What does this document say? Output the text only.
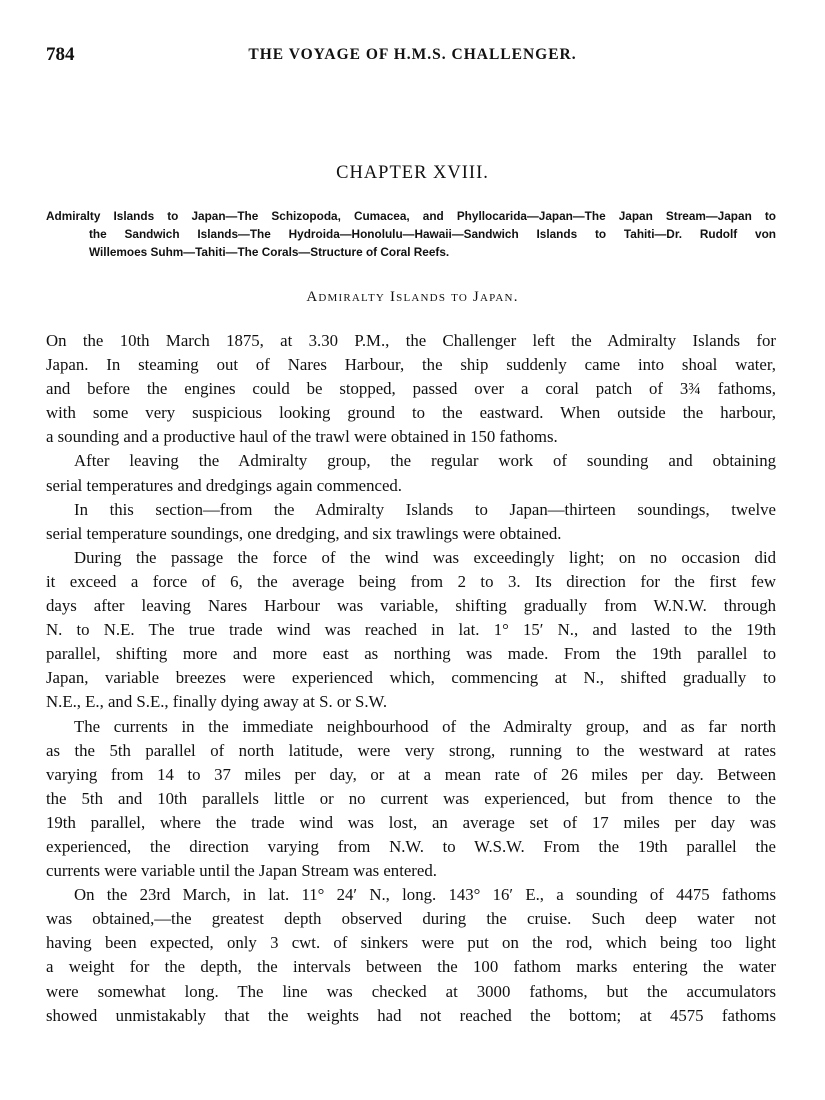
784	THE VOYAGE OF H.M.S. CHALLENGER.
CHAPTER XVIII.
Admiralty Islands to Japan—The Schizopoda, Cumacea, and Phyllocarida—Japan—The Japan Stream—Japan to
the Sandwich Islands—The Hydroida—Honolulu—Hawaii—Sandwich Islands to Tahiti—Dr. Rudolf von
Willemoes Suhm—Tahiti—The Corals—Structure of Coral Reefs.
Admiralty Islands to Japan.
On the 10th March 1875, at 3.30 P.M., the Challenger left the Admiralty Islands for
Japan. In steaming out of Nares Harbour, the ship suddenly came into shoal water,
and before the engines could be stopped, passed over a coral patch of 3¾ fathoms,
with some very suspicious looking ground to the eastward. When outside the harbour,
a sounding and a productive haul of the trawl were obtained in 150 fathoms.
After leaving the Admiralty group, the regular work of sounding and obtaining
serial temperatures and dredgings again commenced.
In this section—from the Admiralty Islands to Japan—thirteen soundings, twelve
serial temperature soundings, one dredging, and six trawlings were obtained.
During the passage the force of the wind was exceedingly light; on no occasion did
it exceed a force of 6, the average being from 2 to 3. Its direction for the first few
days after leaving Nares Harbour was variable, shifting gradually from W.N.W. through
N. to N.E. The true trade wind was reached in lat. 1° 15′ N., and lasted to the 19th
parallel, shifting more and more east as northing was made. From the 19th parallel to
Japan, variable breezes were experienced which, commencing at N., shifted gradually to
N.E., E., and S.E., finally dying away at S. or S.W.
The currents in the immediate neighbourhood of the Admiralty group, and as far north
as the 5th parallel of north latitude, were very strong, running to the westward at rates
varying from 14 to 37 miles per day, or at a mean rate of 26 miles per day. Between
the 5th and 10th parallels little or no current was experienced, but from thence to the
19th parallel, where the trade wind was lost, an average set of 17 miles per day was
experienced, the direction varying from N.W. to W.S.W. From the 19th parallel the
currents were variable until the Japan Stream was entered.
On the 23rd March, in lat. 11° 24′ N., long. 143° 16′ E., a sounding of 4475 fathoms
was obtained,—the greatest depth observed during the cruise. Such deep water not
having been expected, only 3 cwt. of sinkers were put on the rod, which being too light
a weight for the depth, the intervals between the 100 fathom marks entering the water
were somewhat long. The line was checked at 3000 fathoms, but the accumulators
showed unmistakably that the weights had not reached the bottom; at 4575 fathoms
